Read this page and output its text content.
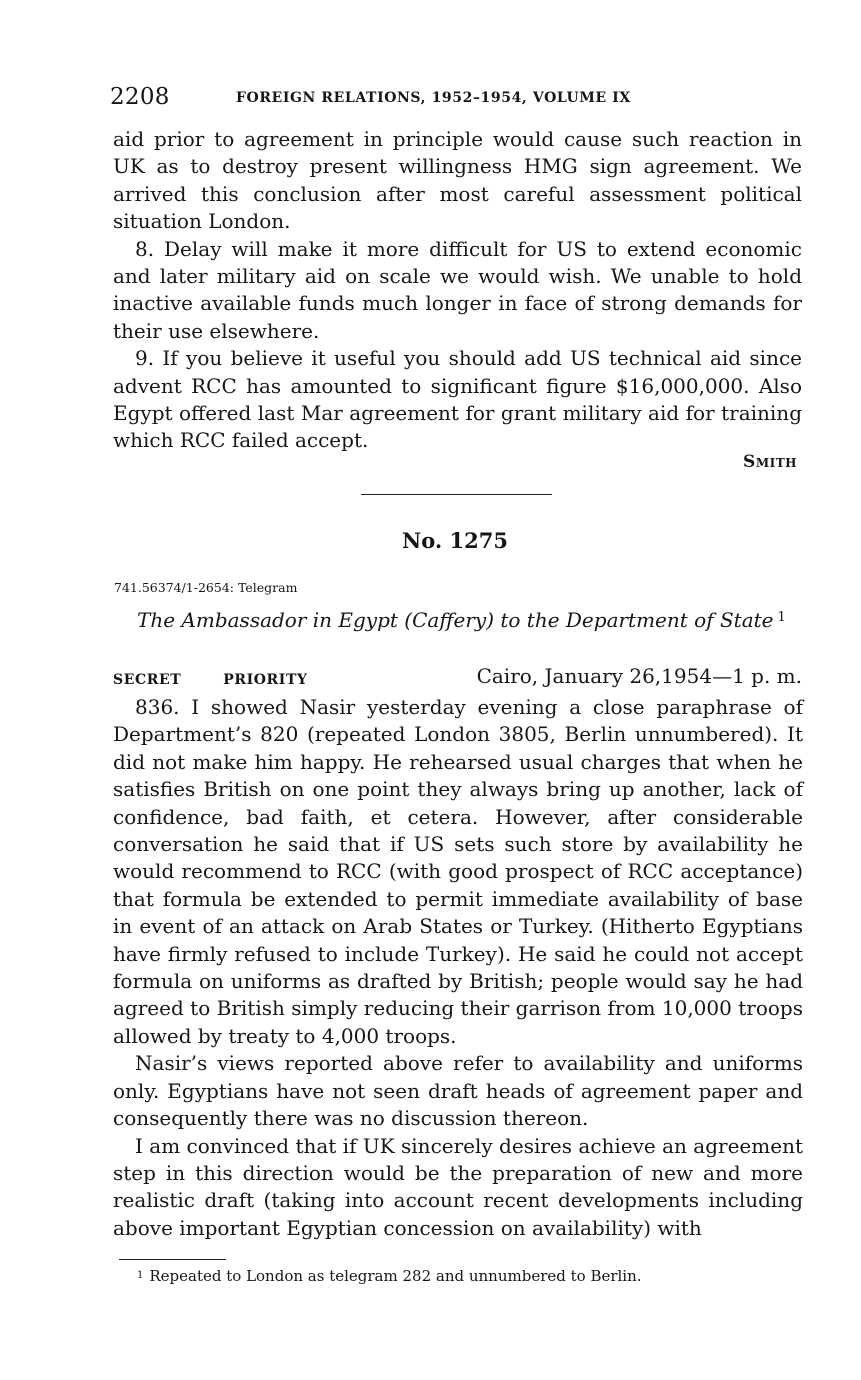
2208	FOREIGN RELATIONS, 1952–1954, VOLUME IX

aid prior to agreement in principle would cause such reaction in UK as to destroy present willingness HMG sign agreement. We arrived this conclusion after most careful assessment political situation London.

8. Delay will make it more difficult for US to extend economic and later military aid on scale we would wish. We unable to hold inactive available funds much longer in face of strong demands for their use elsewhere.

9. If you believe it useful you should add US technical aid since advent RCC has amounted to significant figure $16,000,000. Also Egypt offered last Mar agreement for grant military aid for training which RCC failed accept.

Smith
No. 1275
741.56374/1-2654: Telegram
The Ambassador in Egypt (Caffery) to the Department of State $^1$
SECRET	PRIORITY	Cairo, January 26,1954—1 p. m.

836. I showed Nasir yesterday evening a close paraphrase of Department’s 820 (repeated London 3805, Berlin unnumbered). It did not make him happy. He rehearsed usual charges that when he satisfies British on one point they always bring up another, lack of confidence, bad faith, et cetera. However, after considerable conversation he said that if US sets such store by availability he would recommend to RCC (with good prospect of RCC acceptance) that formula be extended to permit immediate availability of base in event of an attack on Arab States or Turkey. (Hitherto Egyptians have firmly refused to include Turkey). He said he could not accept formula on uniforms as drafted by British; people would say he had agreed to British simply reducing their garrison from 10,000 troops allowed by treaty to 4,000 troops.

Nasir’s views reported above refer to availability and uniforms only. Egyptians have not seen draft heads of agreement paper and consequently there was no discussion thereon.

I am convinced that if UK sincerely desires achieve an agreement step in this direction would be the preparation of new and more realistic draft (taking into account recent developments including above important Egyptian concession on availability) with

$^1$ Repeated to London as telegram 282 and unnumbered to Berlin.
